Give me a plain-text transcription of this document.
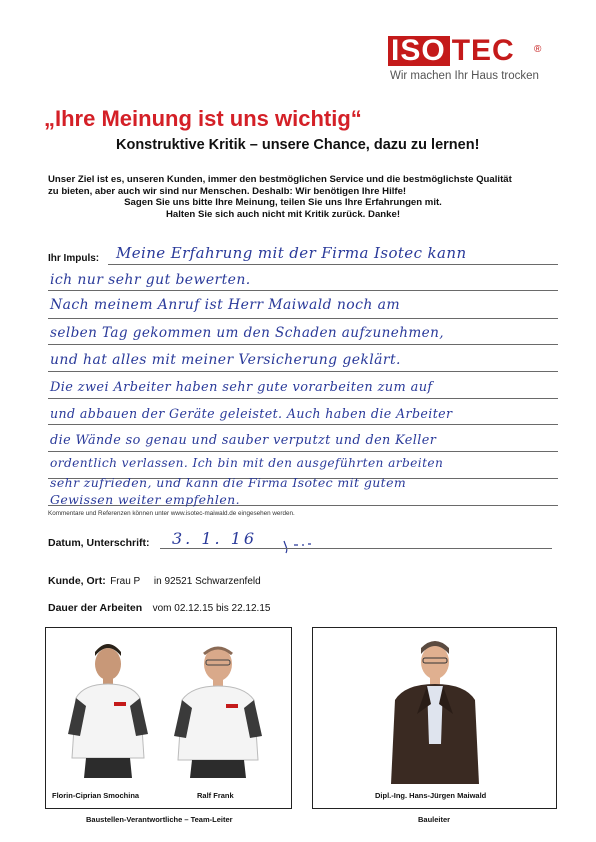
ISO TEC ®
Wir machen Ihr Haus trocken
„Ihre Meinung ist uns wichtig“
Konstruktive Kritik – unsere Chance, dazu zu lernen!
Unser Ziel ist es, unseren Kunden, immer den bestmöglichen Service und die bestmöglichste Qualität
zu bieten, aber auch wir sind nur Menschen. Deshalb: Wir benötigen Ihre Hilfe!
Sagen Sie uns bitte Ihre Meinung, teilen Sie uns Ihre Erfahrungen mit.
Halten Sie sich auch nicht mit Kritik zurück. Danke!
Ihr Impuls: Meine Erfahrung mit der Firma Isotec kann
ich nur sehr gut bewerten.
Nach meinem Anruf ist Herr Maiwald noch am
selben Tag gekommen um den Schaden aufzunehmen,
und hat alles mit meiner Versicherung geklärt.
Die zwei Arbeiter haben sehr gute vorarbeiten zum auf
und abbauen der Geräte geleistet. Auch haben die Arbeiter
die Wände so genau und sauber verputzt und den Keller
ordentlich verlassen. Ich bin mit den ausgeführten arbeiten
sehr zufrieden, und kann die Firma Isotec mit gutem
Gewissen weiter empfehlen.
Kommentare und Referenzen können unter www.isotec-maiwald.de eingesehen werden.
Datum, Unterschrift: 3. 1. 16
Kunde, Ort: Frau P     in 92521 Schwarzenfeld
Dauer der Arbeiten vom 02.12.15 bis 22.12.15
Florin-Ciprian Smochina	Ralf Frank
Baustellen-Verantwortliche – Team-Leiter
Dipl.-Ing. Hans-Jürgen Maiwald
Bauleiter
